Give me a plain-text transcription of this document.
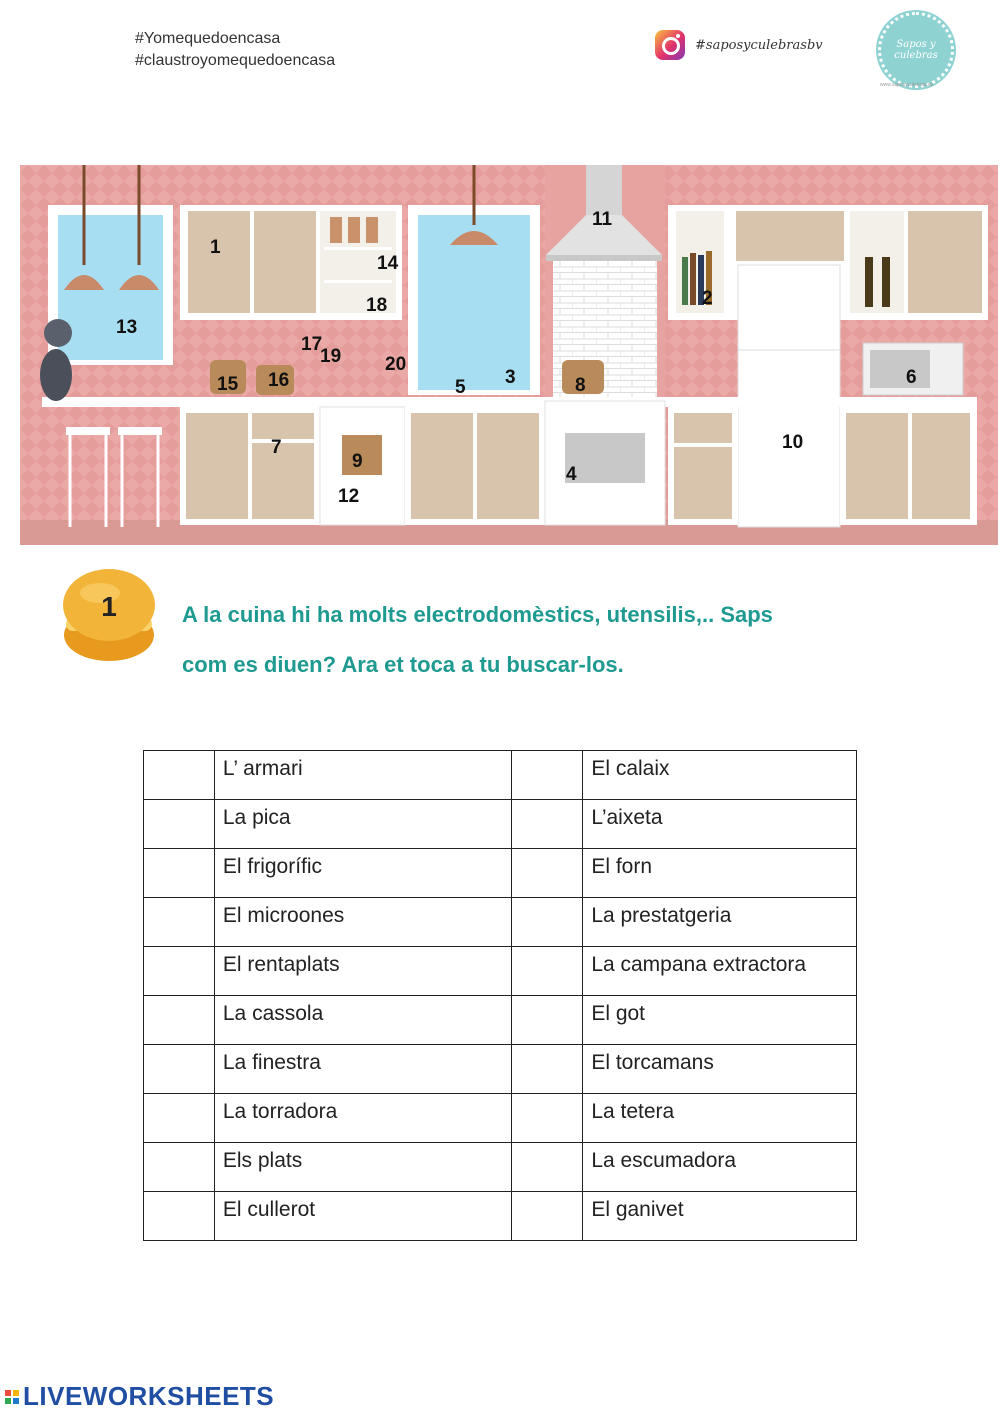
#Yomequedoencasa
#claustroyomequedoencasa
#saposyculebrasbv	Sapos y culebras
www.saposyculebras.es
1
2
3
4
5	6
7
8
9
10
11
12
13
14
15 16
17
18
19 20
1	A la cuina hi ha molts electrodomèstics, utensilis,.. Saps
com es diuen? Ara et toca a tu buscar-los.
	L’ armari		El calaix
	La pica		L’aixeta
	El frigorífic		El forn
	El microones		La prestatgeria
	El rentaplats		La campana extractora
	La cassola		El got
	La finestra		El torcamans
	La torradora		La tetera
	Els plats		La escumadora
	El cullerot		El ganivet
LIVEWORKSHEETS
